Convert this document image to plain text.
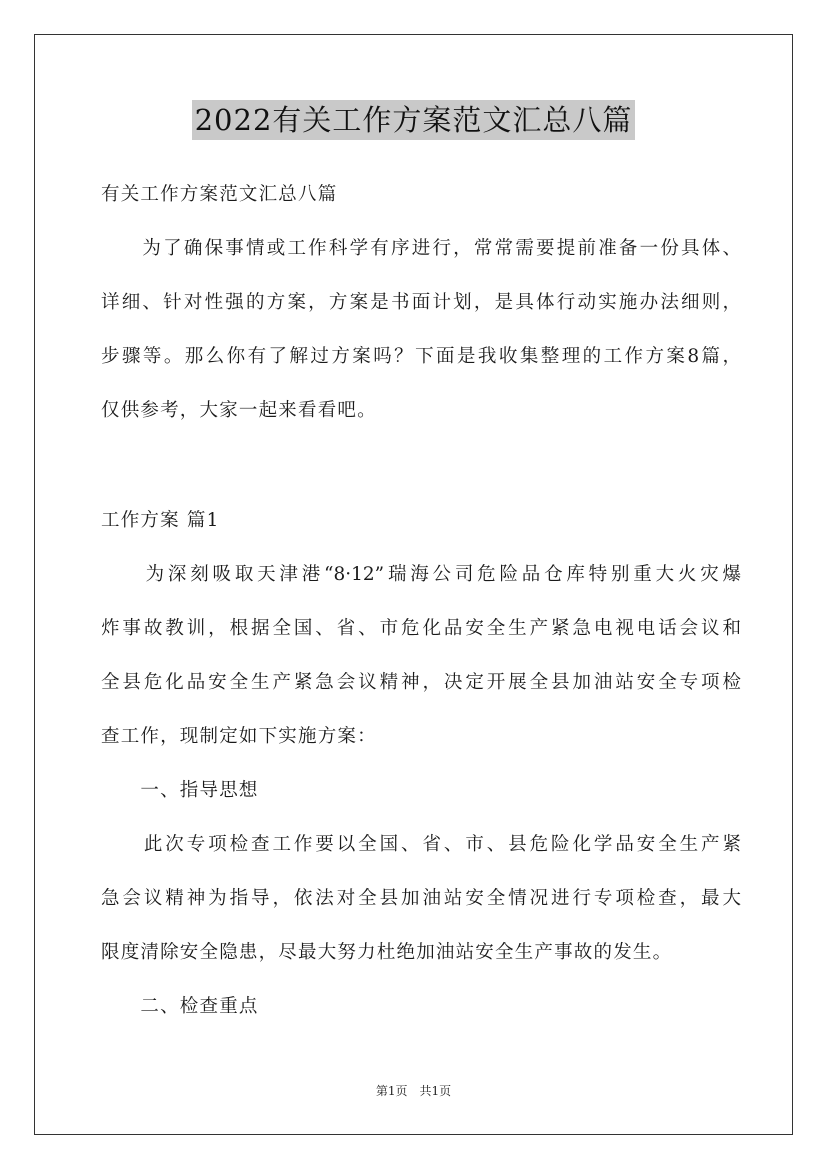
2022有关工作方案范文汇总八篇
有关工作方案范文汇总八篇
　　为了确保事情或工作科学有序进行，常常需要提前准备一份具体、
详细、针对性强的方案，方案是书面计划，是具体行动实施办法细则，
步骤等。那么你有了解过方案吗？下面是我收集整理的工作方案8篇，
仅供参考，大家一起来看看吧。
工作方案 篇1
　　为深刻吸取天津港“8·12”瑞海公司危险品仓库特别重大火灾爆
炸事故教训，根据全国、省、市危化品安全生产紧急电视电话会议和
全县危化品安全生产紧急会议精神，决定开展全县加油站安全专项检
查工作，现制定如下实施方案：
　　一、指导思想
　　此次专项检查工作要以全国、省、市、县危险化学品安全生产紧
急会议精神为指导，依法对全县加油站安全情况进行专项检查，最大
限度清除安全隐患，尽最大努力杜绝加油站安全生产事故的发生。
　　二、检查重点
第1页　共1页
